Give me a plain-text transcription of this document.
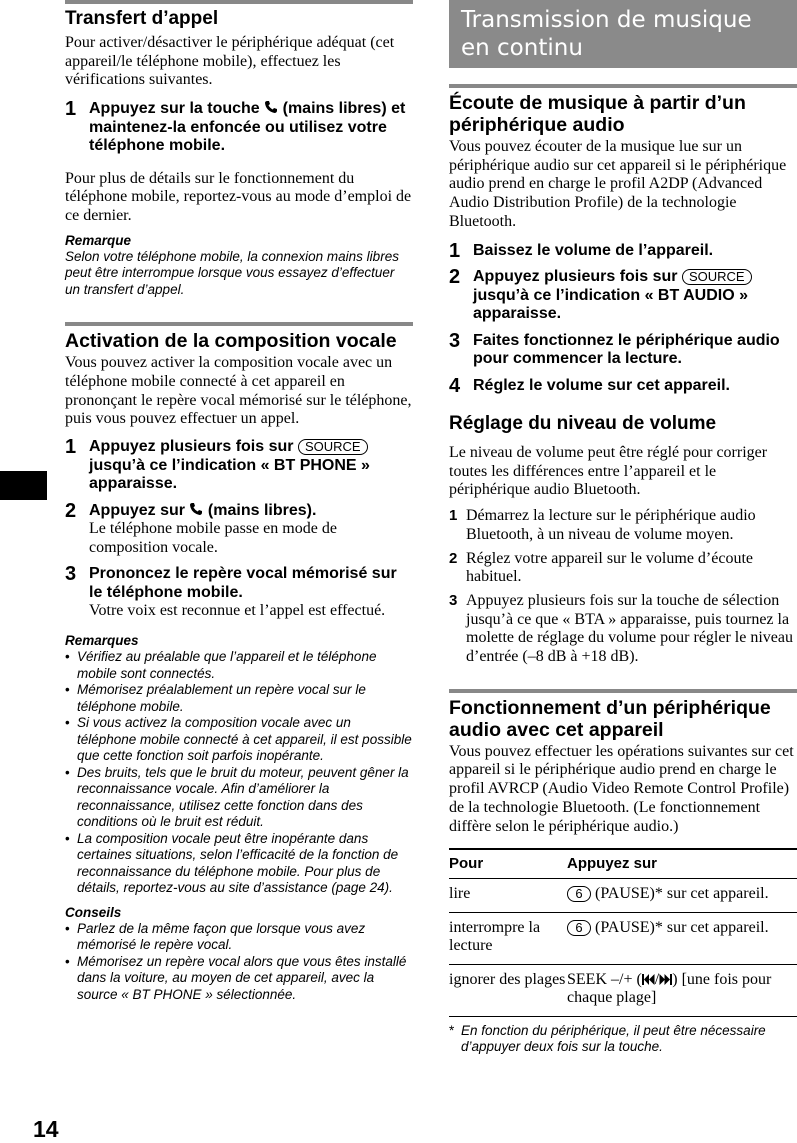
Transfert d’appel

Pour activer/désactiver le périphérique adéquat (cet appareil/le téléphone mobile), effectuez les vérifications suivantes.

1 Appuyez sur la touche (mains libres) et maintenez-la enfoncée ou utilisez votre téléphone mobile.

Pour plus de détails sur le fonctionnement du téléphone mobile, reportez-vous au mode d’emploi de ce dernier.

Remarque

Selon votre téléphone mobile, la connexion mains libres peut être interrompue lorsque vous essayez d’effectuer un transfert d’appel.

Activation de la composition vocale

Vous pouvez activer la composition vocale avec un téléphone mobile connecté à cet appareil en prononçant le repère vocal mémorisé sur le téléphone, puis vous pouvez effectuer un appel.

1 Appuyez plusieurs fois sur SOURCE jusqu’à ce l’indication « BT PHONE » apparaisse.
2 Appuyez sur (mains libres).
Le téléphone mobile passe en mode de composition vocale.
3 Prononcez le repère vocal mémorisé sur le téléphone mobile.
Votre voix est reconnue et l’appel est effectué.
Remarques
• Vérifiez au préalable que l’appareil et le téléphone mobile sont connectés.
• Mémorisez préalablement un repère vocal sur le téléphone mobile.
• Si vous activez la composition vocale avec un téléphone mobile connecté à cet appareil, il est possible que cette fonction soit parfois inopérante.
• Des bruits, tels que le bruit du moteur, peuvent gêner la reconnaissance vocale. Afin d’améliorer la reconnaissance, utilisez cette fonction dans des conditions où le bruit est réduit.
• La composition vocale peut être inopérante dans certaines situations, selon l’efficacité de la fonction de reconnaissance du téléphone mobile. Pour plus de détails, reportez-vous au site d’assistance (page 24).
Conseils
• Parlez de la même façon que lorsque vous avez mémorisé le repère vocal.
• Mémorisez un repère vocal alors que vous êtes installé dans la voiture, au moyen de cet appareil, avec la source « BT PHONE » sélectionnée.
Transmission de musique en continu
Écoute de musique à partir d’un périphérique audio

Vous pouvez écouter de la musique lue sur un périphérique audio sur cet appareil si le périphérique audio prend en charge le profil A2DP (Advanced Audio Distribution Profile) de la technologie Bluetooth.

1 Baissez le volume de l’appareil.
2 Appuyez plusieurs fois sur SOURCE jusqu’à ce l’indication « BT AUDIO » apparaisse.
3 Faites fonctionnez le périphérique audio pour commencer la lecture.
4 Réglez le volume sur cet appareil.
Réglage du niveau de volume

Le niveau de volume peut être réglé pour corriger toutes les différences entre l’appareil et le périphérique audio Bluetooth.

1 Démarrez la lecture sur le périphérique audio Bluetooth, à un niveau de volume moyen.
2 Réglez votre appareil sur le volume d’écoute habituel.
3 Appuyez plusieurs fois sur la touche de sélection jusqu’à ce que « BTA » apparaisse, puis tournez la molette de réglage du volume pour régler le niveau d’entrée (–8 dB à +18 dB).
Fonctionnement d’un périphérique audio avec cet appareil

Vous pouvez effectuer les opérations suivantes sur cet appareil si le périphérique audio prend en charge le profil AVRCP (Audio Video Remote Control Profile) de la technologie Bluetooth. (Le fonctionnement diffère selon le périphérique audio.)

Pour	Appuyez sur
lire	6 (PAUSE)* sur cet appareil.
interrompre la lecture	6 (PAUSE)* sur cet appareil.
ignorer des plages	SEEK –/+ ( / ) [une fois pour chaque plage]
* En fonction du périphérique, il peut être nécessaire d’appuyer deux fois sur la touche.

14
